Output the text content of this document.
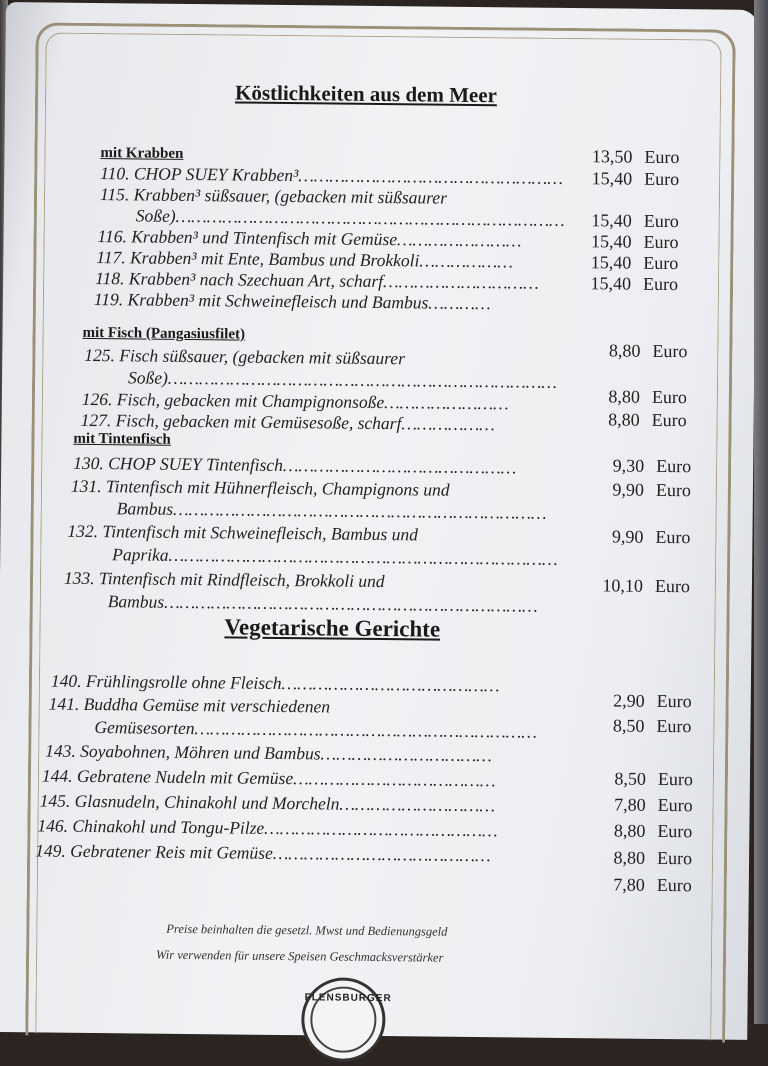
Köstlichkeiten aus dem Meer
mit Krabben
110. CHOP SUEY Krabben³……………………………………………
115. Krabben³ süßsauer, (gebacken mit süßsaurer
Soße)…………………………………………………………………
116. Krabben³ und Tintenfisch mit Gemüse……………………
117. Krabben³ mit Ente, Bambus und Brokkoli………………
118. Krabben³ nach Szechuan Art, scharf…………………………
119. Krabben³ mit Schweinefleisch und Bambus…………
13,50 Euro
15,40 Euro
15,40 Euro
15,40 Euro
15,40 Euro
15,40 Euro
mit Fisch (Pangasiusfilet)
125. Fisch süßsauer, (gebacken mit süßsaurer
Soße)…………………………………………………………………
126. Fisch, gebacken mit Champignonsoße……………………
127. Fisch, gebacken mit Gemüsesoße, scharf………………
8,80 Euro
8,80 Euro
8,80 Euro
mit Tintenfisch
130. CHOP SUEY Tintenfisch………………………………………
131. Tintenfisch mit Hühnerfleisch, Champignons und
Bambus………………………………………………………………
132. Tintenfisch mit Schweinefleisch, Bambus und
Paprika…………………………………………………………………
133. Tintenfisch mit Rindfleisch, Brokkoli und
Bambus………………………………………………………………
9,30 Euro
9,90 Euro
9,90 Euro
10,10 Euro
Vegetarische Gerichte
140. Frühlingsrolle ohne Fleisch……………………………………
141. Buddha Gemüse mit verschiedenen
Gemüsesorten…………………………………………………………
143. Soyabohnen, Möhren und Bambus……………………………
144. Gebratene Nudeln mit Gemüse…………………………………
145. Glasnudeln, Chinakohl und Morcheln…………………………
146. Chinakohl und Tongu-Pilze………………………………………
149. Gebratener Reis mit Gemüse……………………………………
2,90 Euro
8,50 Euro
8,50 Euro
7,80 Euro
8,80 Euro
8,80 Euro
7,80 Euro
Preise beinhalten die gesetzl. Mwst und Bedienungsgeld
Wir verwenden für unsere Speisen Geschmacksverstärker
FLENSBURGER
